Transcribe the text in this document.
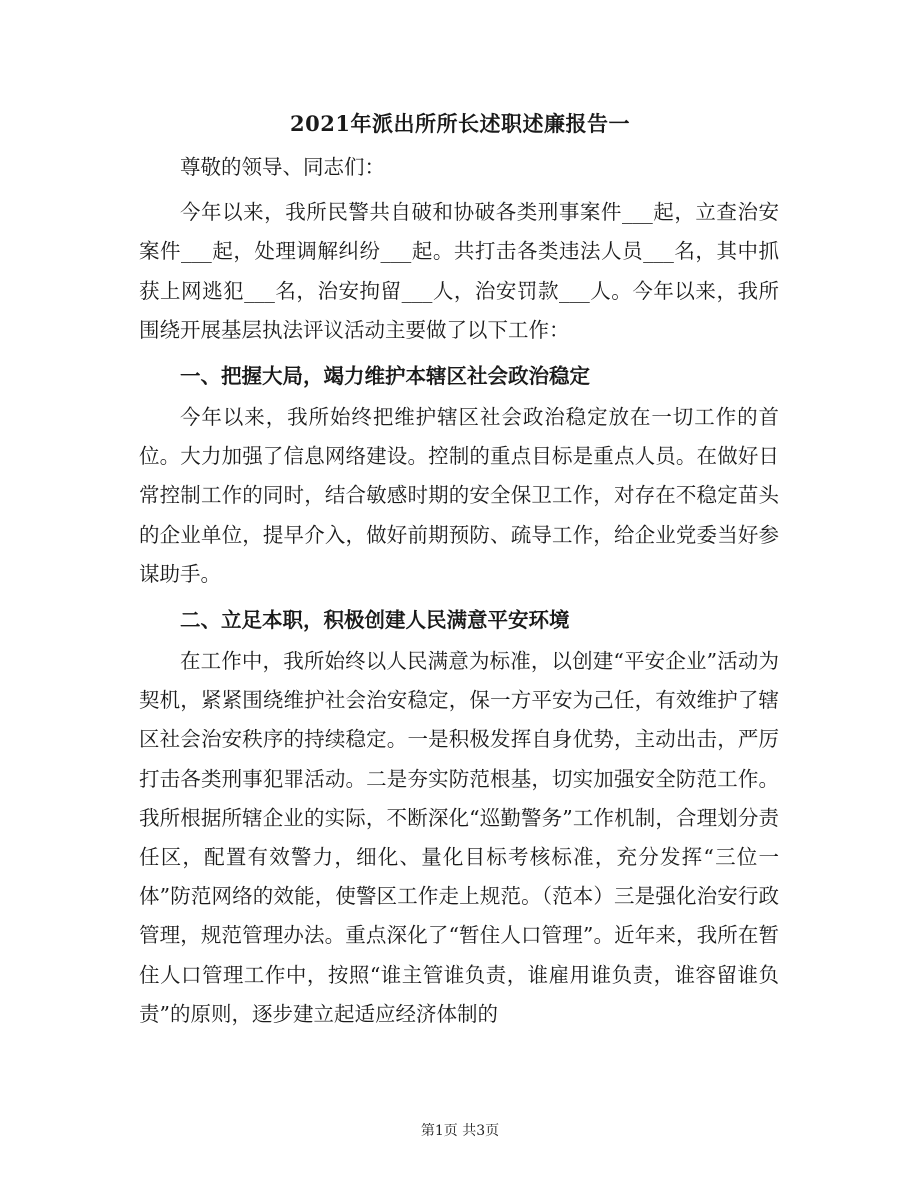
2021年派出所所长述职述廉报告一

尊敬的领导、同志们：

今年以来，我所民警共自破和协破各类刑事案件___起，立查治安案件___起，处理调解纠纷___起。共打击各类违法人员___名，其中抓获上网逃犯___名，治安拘留___人，治安罚款___人。今年以来，我所围绕开展基层执法评议活动主要做了以下工作：

一、把握大局，竭力维护本辖区社会政治稳定

今年以来，我所始终把维护辖区社会政治稳定放在一切工作的首位。大力加强了信息网络建设。控制的重点目标是重点人员。在做好日常控制工作的同时，结合敏感时期的安全保卫工作，对存在不稳定苗头的企业单位，提早介入，做好前期预防、疏导工作，给企业党委当好参谋助手。

二、立足本职，积极创建人民满意平安环境

在工作中，我所始终以人民满意为标准，以创建“平安企业”活动为契机，紧紧围绕维护社会治安稳定，保一方平安为己任，有效维护了辖区社会治安秩序的持续稳定。一是积极发挥自身优势，主动出击，严厉打击各类刑事犯罪活动。二是夯实防范根基，切实加强安全防范工作。我所根据所辖企业的实际，不断深化“巡勤警务”工作机制，合理划分责任区，配置有效警力，细化、量化目标考核标准，充分发挥“三位一体”防范网络的效能，使警区工作走上规范。（范本）三是强化治安行政管理，规范管理办法。重点深化了“暂住人口管理”。近年来，我所在暂住人口管理工作中，按照“谁主管谁负责，谁雇用谁负责，谁容留谁负责”的原则，逐步建立起适应经济体制的

第1页 共3页
